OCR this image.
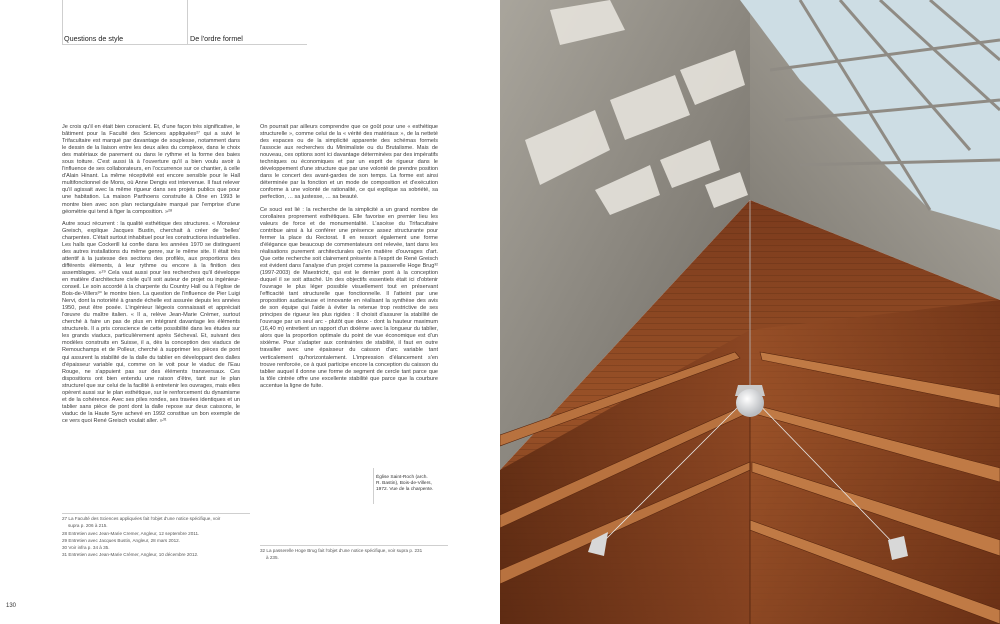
Questions de style	De l'ordre formel

Je crois qu'il en était bien conscient. Et, d'une façon très significative, le bâtiment pour la Faculté des Sciences appliquées²⁷ qui a suivi le Trifacultaire est marqué par davantage de souplesse, notamment dans le dessin de la liaison entre les deux ailes du complexe, dans le choix des matériaux de parement ou dans le rythme et la forme des baies sous toiture. C'est aussi là à l'ouverture qu'il a bien voulu avoir à l'influence de ses collaborateurs, en l'occurrence sur ce chantier, à celle d'Alain Hinant. La même réceptivité est encore sensible pour le Hall multifonctionnel de Mons, où Anne Dengis est intervenue. Il faut relever qu'il agissait avec la même rigueur dans ses projets publics que pour une habitation. La maison Parthoens construite à Olne en 1993 le montre bien avec son plan rectangulaire marqué par l'emprise d'une géométrie qui tend à figer la composition. »²⁸

Autre souci récurrent : la qualité esthétique des structures. « Monsieur Greisch, explique Jacques Bustin, cherchait à créer de 'belles' charpentes. C'était surtout inhabituel pour les constructions industrielles. Les halls que Cockerill lui confie dans les années 1970 se distinguent des autres installations du même genre, sur le même site. Il était très attentif à la justesse des sections des profilés, aux proportions des différents éléments, à leur rythme ou encore à la finition des assemblages. »²⁹ Cela vaut aussi pour les recherches qu'il développe en matière d'architecture civile qu'il soit auteur de projet ou ingénieur-conseil. Le soin accordé à la charpente du Country Hall ou à l'église de Bois-de-Villers³⁰ le montre bien. La question de l'influence de Pier Luigi Nervi, dont la notoriété à grande échelle est assurée depuis les années 1950, peut être posée. L'ingénieur liégeois connaissait et appréciait l'œuvre du maître italien. « Il a, relève Jean-Marie Crémer, surtout cherché à faire un pas de plus en intégrant davantage les éléments structurels. Il a pris conscience de cette possibilité dans les études sur les grands viaducs, particulièrement après Sécheval. Et, suivant des modèles construits en Suisse, il a, dès la conception des viaducs de Remouchamps et de Polleur, cherché à supprimer les pièces de pont qui assurent la stabilité de la dalle du tablier en développant des dalles d'épaisseur variable qui, comme on le voit pour le viaduc de l'Eau Rouge, ne s'appuient pas sur des éléments transversaux. Ces dispositions ont bien entendu une raison d'être, tant sur le plan structurel que sur celui de la facilité à entretenir les ouvrages, mais elles opèrent aussi sur le plan esthétique, sur le renforcement du dynamisme et de la cohérence. Avec ses piles rondes, ses travées identiques et un tablier sans pièce de pont dont la dalle repose sur deux caissons, le viaduc de la Haute Syre achevé en 1992 constitue un bon exemple de ce vers quoi René Greisch voulait aller. »³¹

On pourrait par ailleurs comprendre que ce goût pour une « esthétique structurelle », comme celui de la « vérité des matériaux », de la netteté des espaces ou de la simplicité apparente des schémas formels l'associe aux recherches du Minimaliste ou du Brutalisme. Mais de nouveau, ces options sont ici davantage déterminées par des impératifs techniques ou économiques et par un esprit de rigueur dans le développement d'une structure que par une volonté de prendre position dans le concert des avant-gardes de son temps. La forme est ainsi déterminée par la fonction et un mode de composition et d'exécution conforme à une volonté de rationalité, ce qui explique sa sobriété, sa perfection, … sa justesse, … sa beauté.

Ce souci est lié : la recherche de la simplicité a un grand nombre de corollaires proprement esthétiques. Elle favorise en premier lieu les valeurs de force et de monumentalité. L'ascèse du Trifacultaire contribue ainsi à lui conférer une présence assez structurante pour fermer la place du Rectorat. Il en ressort également une forme d'élégance que beaucoup de commentateurs ont relevée, tant dans les réalisations purement architecturales qu'en matière d'ouvrages d'art. Que cette recherche soit clairement présente à l'esprit de René Greisch est évident dans l'analyse d'un projet comme la passerelle Hoge Brug³² (1997-2003) de Maestricht, qui est le dernier pont à la conception duquel il se soit attaché. Un des objectifs essentiels était ici d'obtenir l'ouvrage le plus léger possible visuellement tout en préservant l'efficacité tant structurelle que fonctionnelle. Il l'atteint par une proposition audacieuse et innovante en réalisant la synthèse des avis de son équipe qui l'aide à éviter la retenue trop restrictive de ses principes de rigueur les plus rigides : Il choisit d'assurer la stabilité de l'ouvrage par un seul arc - plutôt que deux - dont la hauteur maximum (16,40 m) entretient un rapport d'un dixième avec la longueur du tablier, alors que la proportion optimale du point de vue économique est d'un sixième. Pour s'adapter aux contraintes de stabilité, il faut en outre travailler avec une épaisseur du caisson d'arc variable tant verticalement qu'horizontalement. L'impression d'élancement s'en trouve renforcée, ce à quoi participe encore la conception du caisson du tablier auquel il donne une forme de segment de cercle tant parce que la tôle cintrée offre une excellente stabilité que parce que la courbure accentue la ligne de fuite.

Église Saint-Roch (arch.
R. Bastin), Bois-de-Villers,
1972. Vue de la charpente.
27 La Faculté des Sciences appliquées fait l'objet d'une notice spécifique, voir
supra p. 206 à 215.
28 Entretien avec Jean-Marie Cremer, Angleur, 12 septembre 2011.
29 Entretien avec Jacques Bustin, Angleur, 28 mars 2012.
30 Voir infra p. 34 à 35.
31 Entretien avec Jean-Marie Crémer, Angleur, 10 décembre 2012.
32 La passerelle Hoge Brug fait l'objet d'une notice spécifique, voir supra p. 231
à 235.
130
